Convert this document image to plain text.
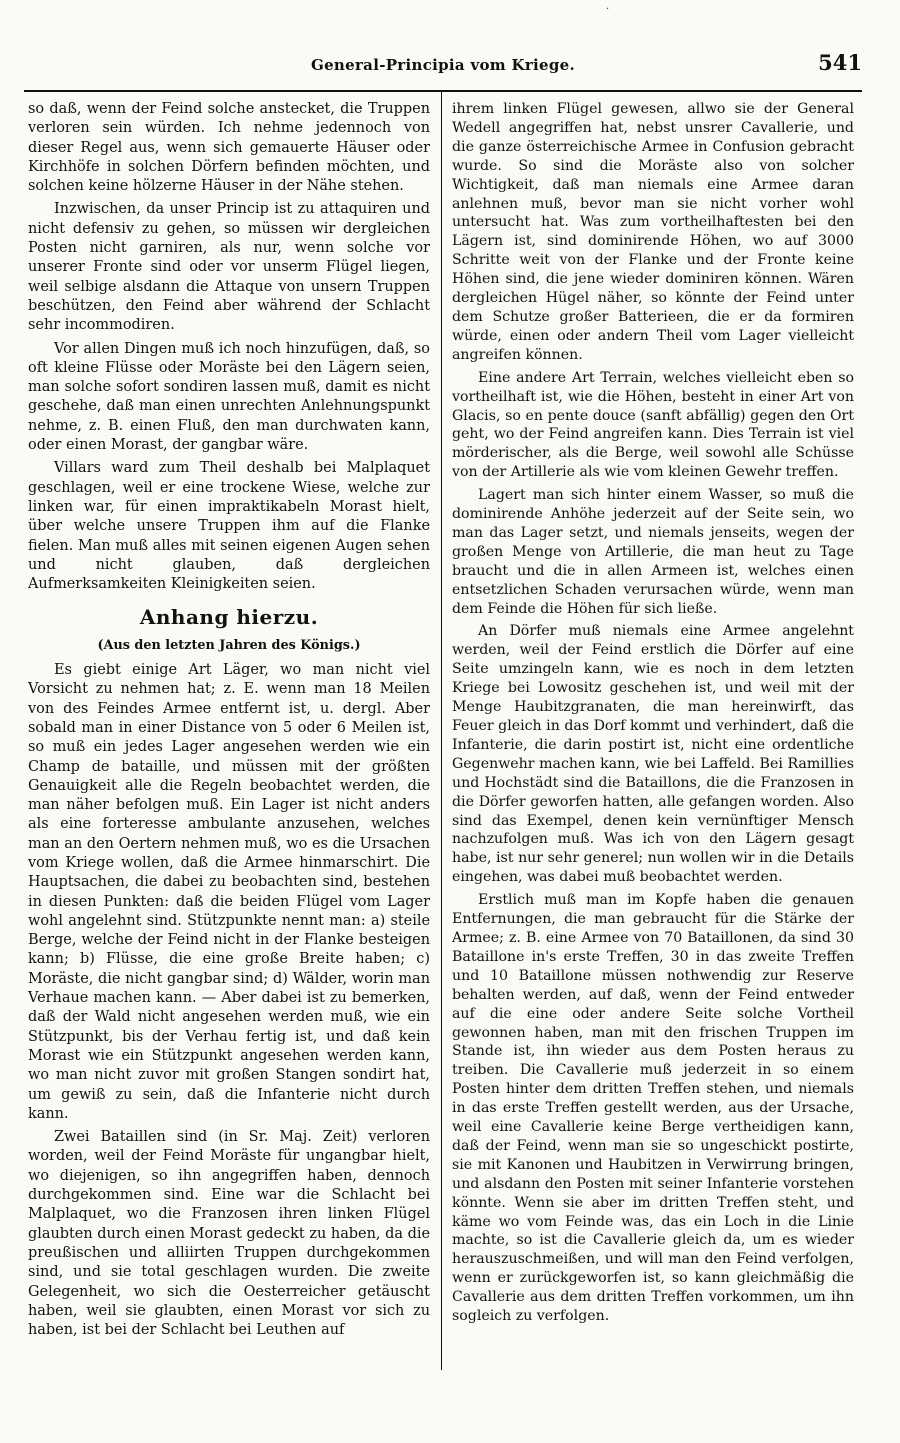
·
General-Principia vom Kriege.	541

so daß, wenn der Feind solche anstecket, die Truppen verloren sein würden. Ich nehme jedennoch von dieser Regel aus, wenn sich gemauerte Häuser oder Kirchhöfe in solchen Dörfern befinden möchten, und solchen keine hölzerne Häuser in der Nähe stehen.

Inzwischen, da unser Princip ist zu attaquiren und nicht defensiv zu gehen, so müssen wir dergleichen Posten nicht garniren, als nur, wenn solche vor unserer Fronte sind oder vor unserm Flügel liegen, weil selbige alsdann die Attaque von unsern Truppen beschützen, den Feind aber während der Schlacht sehr incommodiren.

Vor allen Dingen muß ich noch hinzufügen, daß, so oft kleine Flüsse oder Moräste bei den Lägern seien, man solche sofort sondiren lassen muß, damit es nicht geschehe, daß man einen unrechten Anlehnungspunkt nehme, z. B. einen Fluß, den man durchwaten kann, oder einen Morast, der gangbar wäre.

Villars ward zum Theil deshalb bei Malplaquet geschlagen, weil er eine trockene Wiese, welche zur linken war, für einen impraktikabeln Morast hielt, über welche unsere Truppen ihm auf die Flanke fielen. Man muß alles mit seinen eigenen Augen sehen und nicht glauben, daß dergleichen Aufmerksamkeiten Kleinigkeiten seien.

Anhang hierzu.
(Aus den letzten Jahren des Königs.)

Es giebt einige Art Läger, wo man nicht viel Vorsicht zu nehmen hat; z. E. wenn man 18 Meilen von des Feindes Armee entfernt ist, u. dergl. Aber sobald man in einer Distance von 5 oder 6 Meilen ist, so muß ein jedes Lager angesehen werden wie ein Champ de bataille, und müssen mit der größten Genauigkeit alle die Regeln beobachtet werden, die man näher befolgen muß. Ein Lager ist nicht anders als eine forteresse ambulante anzusehen, welches man an den Oertern nehmen muß, wo es die Ursachen vom Kriege wollen, daß die Armee hinmarschirt. Die Hauptsachen, die dabei zu beobachten sind, bestehen in diesen Punkten: daß die beiden Flügel vom Lager wohl angelehnt sind. Stützpunkte nennt man: a) steile Berge, welche der Feind nicht in der Flanke besteigen kann; b) Flüsse, die eine große Breite haben; c) Moräste, die nicht gangbar sind; d) Wälder, worin man Verhaue machen kann. — Aber dabei ist zu bemerken, daß der Wald nicht angesehen werden muß, wie ein Stützpunkt, bis der Verhau fertig ist, und daß kein Morast wie ein Stützpunkt angesehen werden kann, wo man nicht zuvor mit großen Stangen sondirt hat, um gewiß zu sein, daß die Infanterie nicht durch kann.

Zwei Bataillen sind (in Sr. Maj. Zeit) verloren worden, weil der Feind Moräste für ungangbar hielt, wo diejenigen, so ihn angegriffen haben, dennoch durchgekommen sind. Eine war die Schlacht bei Malplaquet, wo die Franzosen ihren linken Flügel glaubten durch einen Morast gedeckt zu haben, da die preußischen und alliirten Truppen durchgekommen sind, und sie total geschlagen wurden. Die zweite Gelegenheit, wo sich die Oesterreicher getäuscht haben, weil sie glaubten, einen Morast vor sich zu haben, ist bei der Schlacht bei Leuthen auf

ihrem linken Flügel gewesen, allwo sie der General Wedell angegriffen hat, nebst unsrer Cavallerie, und die ganze österreichische Armee in Confusion gebracht wurde. So sind die Moräste also von solcher Wichtigkeit, daß man niemals eine Armee daran anlehnen muß, bevor man sie nicht vorher wohl untersucht hat. Was zum vortheilhaftesten bei den Lägern ist, sind dominirende Höhen, wo auf 3000 Schritte weit von der Flanke und der Fronte keine Höhen sind, die jene wieder dominiren können. Wären dergleichen Hügel näher, so könnte der Feind unter dem Schutze großer Batterieen, die er da formiren würde, einen oder andern Theil vom Lager vielleicht angreifen können.

Eine andere Art Terrain, welches vielleicht eben so vortheilhaft ist, wie die Höhen, besteht in einer Art von Glacis, so en pente douce (sanft abfällig) gegen den Ort geht, wo der Feind angreifen kann. Dies Terrain ist viel mörderischer, als die Berge, weil sowohl alle Schüsse von der Artillerie als wie vom kleinen Gewehr treffen.

Lagert man sich hinter einem Wasser, so muß die dominirende Anhöhe jederzeit auf der Seite sein, wo man das Lager setzt, und niemals jenseits, wegen der großen Menge von Artillerie, die man heut zu Tage braucht und die in allen Armeen ist, welches einen entsetzlichen Schaden verursachen würde, wenn man dem Feinde die Höhen für sich ließe.

An Dörfer muß niemals eine Armee angelehnt werden, weil der Feind erstlich die Dörfer auf eine Seite umzingeln kann, wie es noch in dem letzten Kriege bei Lowositz geschehen ist, und weil mit der Menge Haubitzgranaten, die man hereinwirft, das Feuer gleich in das Dorf kommt und verhindert, daß die Infanterie, die darin postirt ist, nicht eine ordentliche Gegenwehr machen kann, wie bei Laffeld. Bei Ramillies und Hochstädt sind die Bataillons, die die Franzosen in die Dörfer geworfen hatten, alle gefangen worden. Also sind das Exempel, denen kein vernünftiger Mensch nachzufolgen muß. Was ich von den Lägern gesagt habe, ist nur sehr generel; nun wollen wir in die Details eingehen, was dabei muß beobachtet werden.

Erstlich muß man im Kopfe haben die genauen Entfernungen, die man gebraucht für die Stärke der Armee; z. B. eine Armee von 70 Bataillonen, da sind 30 Bataillone in's erste Treffen, 30 in das zweite Treffen und 10 Bataillone müssen nothwendig zur Reserve behalten werden, auf daß, wenn der Feind entweder auf die eine oder andere Seite solche Vortheil gewonnen haben, man mit den frischen Truppen im Stande ist, ihn wieder aus dem Posten heraus zu treiben. Die Cavallerie muß jederzeit in so einem Posten hinter dem dritten Treffen stehen, und niemals in das erste Treffen gestellt werden, aus der Ursache, weil eine Cavallerie keine Berge vertheidigen kann, daß der Feind, wenn man sie so ungeschickt postirte, sie mit Kanonen und Haubitzen in Verwirrung bringen, und alsdann den Posten mit seiner Infanterie vorstehen könnte. Wenn sie aber im dritten Treffen steht, und käme wo vom Feinde was, das ein Loch in die Linie machte, so ist die Cavallerie gleich da, um es wieder herauszuschmeißen, und will man den Feind verfolgen, wenn er zurückgeworfen ist, so kann gleichmäßig die Cavallerie aus dem dritten Treffen vorkommen, um ihn sogleich zu verfolgen.
